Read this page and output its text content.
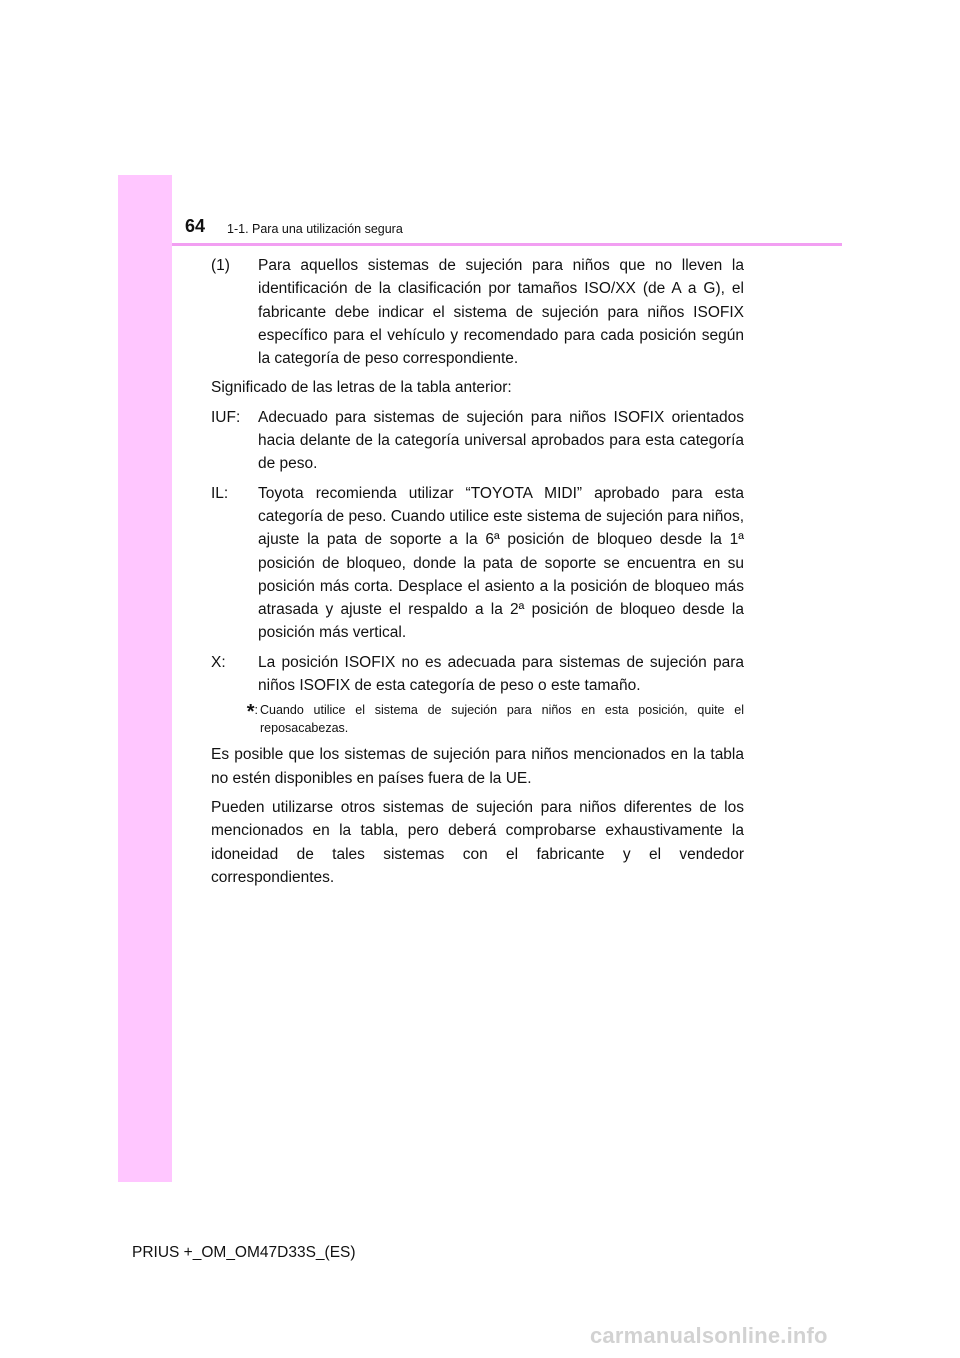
64 1-1. Para una utilización segura
(1)	Para aquellos sistemas de sujeción para niños que no lleven la identificación de la clasificación por tamaños ISO/XX (de A a G), el fabricante debe indicar el sistema de sujeción para niños ISOFIX específico para el vehículo y recomendado para cada posición según la categoría de peso correspondiente.
Significado de las letras de la tabla anterior:
IUF:	Adecuado para sistemas de sujeción para niños ISOFIX orientados hacia delante de la categoría universal aprobados para esta categoría de peso.
IL:	Toyota recomienda utilizar “TOYOTA MIDI” aprobado para esta categoría de peso. Cuando utilice este sistema de sujeción para niños, ajuste la pata de soporte a la 6ª posición de bloqueo desde la 1ª posición de bloqueo, donde la pata de soporte se encuentra en su posición más corta. Desplace el asiento a la posición de bloqueo más atrasada y ajuste el respaldo a la 2ª posición de bloqueo desde la posición más vertical.
X:	La posición ISOFIX no es adecuada para sistemas de sujeción para niños ISOFIX de esta categoría de peso o este tamaño.
*: Cuando utilice el sistema de sujeción para niños en esta posición, quite el reposacabezas.
Es posible que los sistemas de sujeción para niños mencionados en la tabla no estén disponibles en países fuera de la UE.
Pueden utilizarse otros sistemas de sujeción para niños diferentes de los mencionados en la tabla, pero deberá comprobarse exhaustivamente la idoneidad de tales sistemas con el fabricante y el vendedor correspondientes.
PRIUS +_OM_OM47D33S_(ES)
carmanualsonline.info
